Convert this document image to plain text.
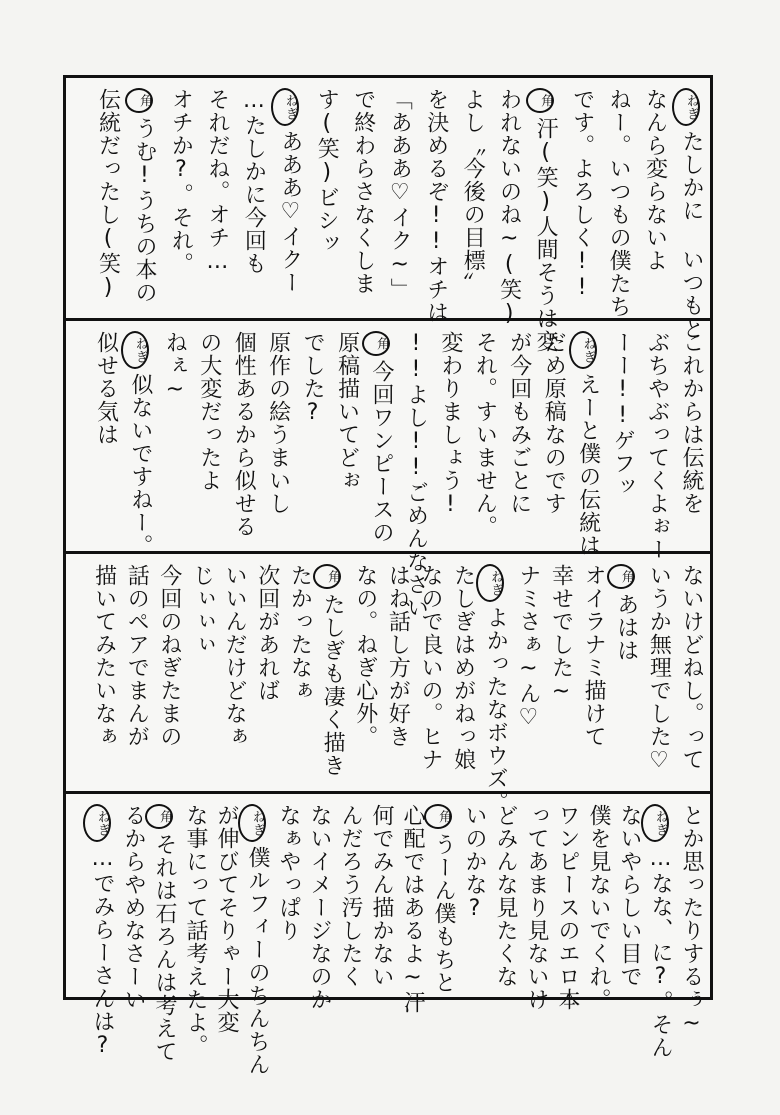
ねぎたしかに いつもと
なんら変らないよ
ねー。いつもの僕たち
です。よろしく!!
角汗(笑)人間そうは変
われないのね~(笑)
よし〝今後の目標〟
を決めるぞ!!オチは
「あああ♡イク~」
で終わらさなくしま
す(笑)ビシッ
ねぎあああ♡イクー
…たしかに今回も
それだね。オチ…
オチか?。それ。
角うむ!うちの本の
伝統だったし(笑)
これからは伝統を
ぶちやぶってくよぉー
ーー!!ゲフッ
ねぎえーと僕の伝統は
だめ原稿なのです
が今回もみごとに
それ。すいません。
変わりましょう!
!!よし!!ごめんなさい
角今回ワンピースの
原稿描いてどぉ
でした?
原作の絵うまいし
個性あるから似せる
の大変だったよ
ねぇ~
ねぎ似ないですねー。
似せる気は
ないけどねし。って
いうか無理でした♡
角あはは
オイラナミ描けて
幸せでした~
ナミさぁ~ん♡
ねぎよかったなボウズ。
たしぎはめがねっ娘
なので良いの。ヒナ
はね話し方が好き
なの。ねぎ心外。
角たしぎも凄く描き
たかったなぁ
次回があれば
いいんだけどなぁ
じぃぃぃ
今回のねぎたまの
話のペアでまんが
描いてみたいなぁ
とか思ったりするぅ~
ねぎ…なな、に?。そん
ないやらしい目で
僕を見ないでくれ。
ワンピースのエロ本
ってあまり見ないけ
どみんな見たくな
いのかな?
角うーん僕もちと
心配ではあるよ~汗
何でみん描かない
んだろう汚したく
ないイメージなのか
なぁやっぱり
ねぎ僕ルフィーのちんちん
が伸びてそりゃー大変
な事にって話考えたよ。
角それは石ろんは考えて
るからやめなさーい
ねぎ…でみらーさんは?
